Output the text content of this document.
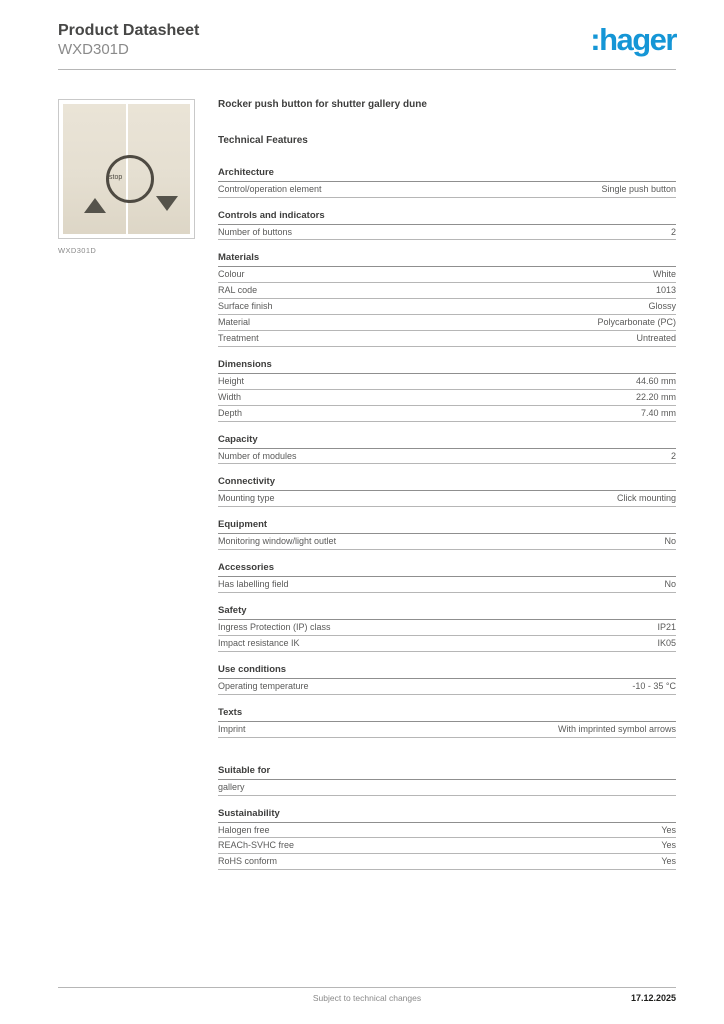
Product Datasheet
WXD301D	:hager
stop
WXD301D
Rocker push button for shutter gallery dune
Technical Features
Architecture
Control/operation element	Single push button
Controls and indicators
Number of buttons	2
Materials
Colour	White
RAL code	1013
Surface finish	Glossy
Material	Polycarbonate (PC)
Treatment	Untreated
Dimensions
Height	44.60 mm
Width	22.20 mm
Depth	7.40 mm
Capacity
Number of modules	2
Connectivity
Mounting type	Click mounting
Equipment
Monitoring window/light outlet	No
Accessories
Has labelling field	No
Safety
Ingress Protection (IP) class	IP21
Impact resistance IK	IK05
Use conditions
Operating temperature	-10 - 35 °C
Texts
Imprint	With imprinted symbol arrows
Suitable for
gallery
Sustainability
Halogen free	Yes
REACh-SVHC free	Yes
RoHS conform	Yes
Subject to technical changes	17.12.2025
